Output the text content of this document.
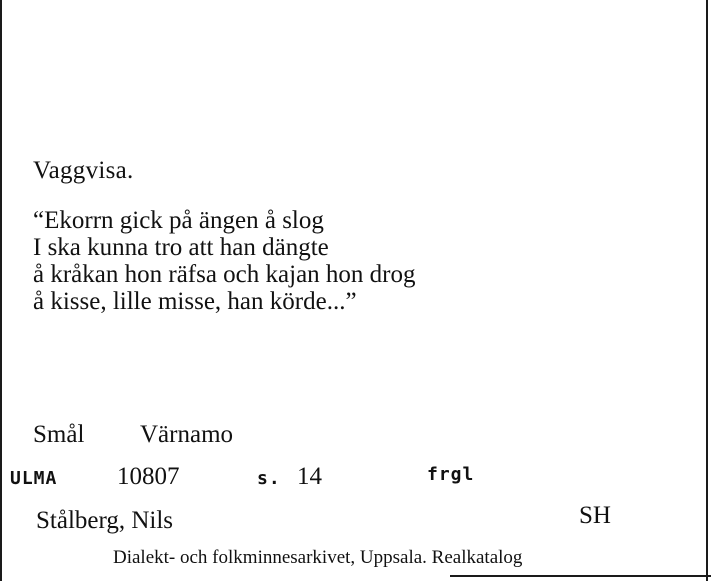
Vaggvisa.
“Ekorrn gick på ängen å slog
I ska kunna tro att han dängte
å kråkan hon räfsa och kajan hon drog
å kisse, lille misse, han körde...”
Smål Värnamo
ULMA 10807	s. 14	frgl
Stålberg, Nils	SH
Dialekt- och folkminnesarkivet, Uppsala. Realkatalog
